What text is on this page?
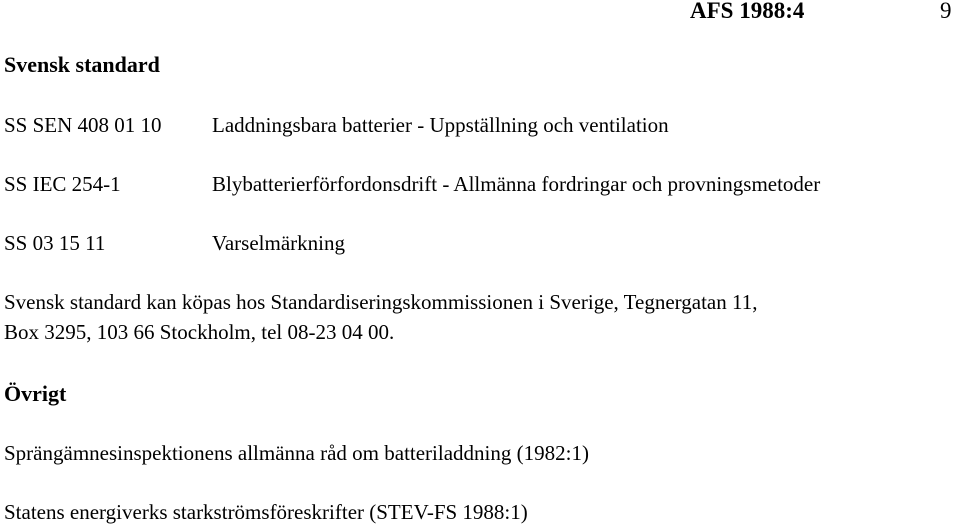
AFS 1988:4	9
Svensk standard
SS SEN 408 01 10 Laddningsbara batterier - Uppställning och ventilation
SS IEC 254-1	Blybatterierförfordonsdrift - Allmänna fordringar och provningsmetoder
SS 03 15 11	Varselmärkning
Svensk standard kan köpas hos Standardiseringskommissionen i Sverige, Tegnergatan 11,
Box 3295, 103 66 Stockholm, tel 08-23 04 00.
Övrigt
Sprängämnesinspektionens allmänna råd om batteriladdning (1982:1)
Statens energiverks starkströmsföreskrifter (STEV-FS 1988:1)
